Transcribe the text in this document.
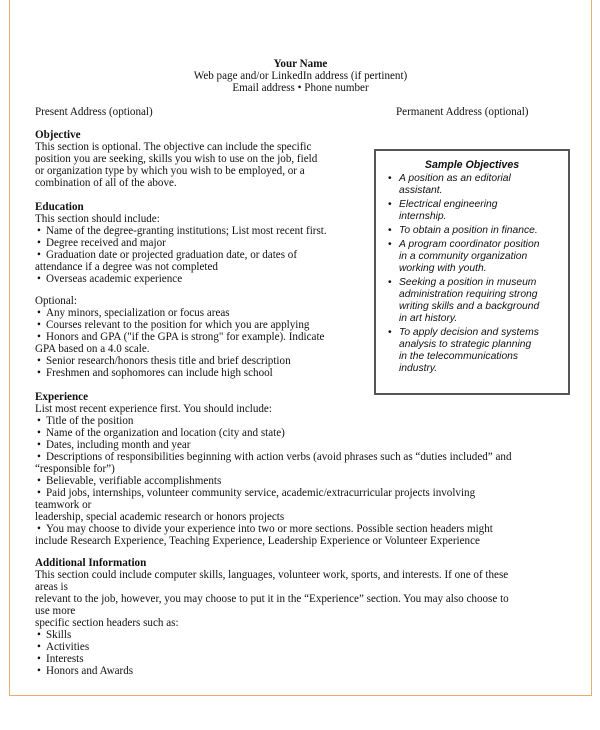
Your Name
Web page and/or LinkedIn address (if pertinent)
Email address • Phone number
Present Address (optional)	Permanent Address (optional)
Objective

This section is optional. The objective can include the specific

position you are seeking, skills you wish to use on the job, field

or organization type by which you wish to be employed, or a

combination of all of the above.

Sample Objectives
• A position as an editorial
assistant.
• Electrical engineering
internship.
• To obtain a position in finance.
• A program coordinator position
in a community organization
working with youth.
• Seeking a position in museum
administration requiring strong
writing skills and a background
in art history.
• To apply decision and systems
analysis to strategic planning
in the telecommunications
industry.
Education

This section should include:

• Name of the degree-granting institutions; List most recent first.
• Degree received and major
• Graduation date or projected graduation date, or dates of
attendance if a degree was not completed
• Overseas academic experience

Optional:

• Any minors, specialization or focus areas
• Courses relevant to the position for which you are applying
• Honors and GPA ("if the GPA is strong" for example). Indicate
GPA based on a 4.0 scale.
• Senior research/honors thesis title and brief description
• Freshmen and sophomores can include high school
Experience

List most recent experience first. You should include:

• Title of the position
• Name of the organization and location (city and state)
• Dates, including month and year
• Descriptions of responsibilities beginning with action verbs (avoid phrases such as “duties included” and
“responsible for”)
• Believable, verifiable accomplishments
• Paid jobs, internships, volunteer community service, academic/extracurricular projects involving
teamwork or
leadership, special academic research or honors projects
• You may choose to divide your experience into two or more sections. Possible section headers might
include Research Experience, Teaching Experience, Leadership Experience or Volunteer Experience
Additional Information

This section could include computer skills, languages, volunteer work, sports, and interests. If one of these

areas is

relevant to the job, however, you may choose to put it in the “Experience” section. You may also choose to

use more

specific section headers such as:

• Skills
• Activities
• Interests
• Honors and Awards
